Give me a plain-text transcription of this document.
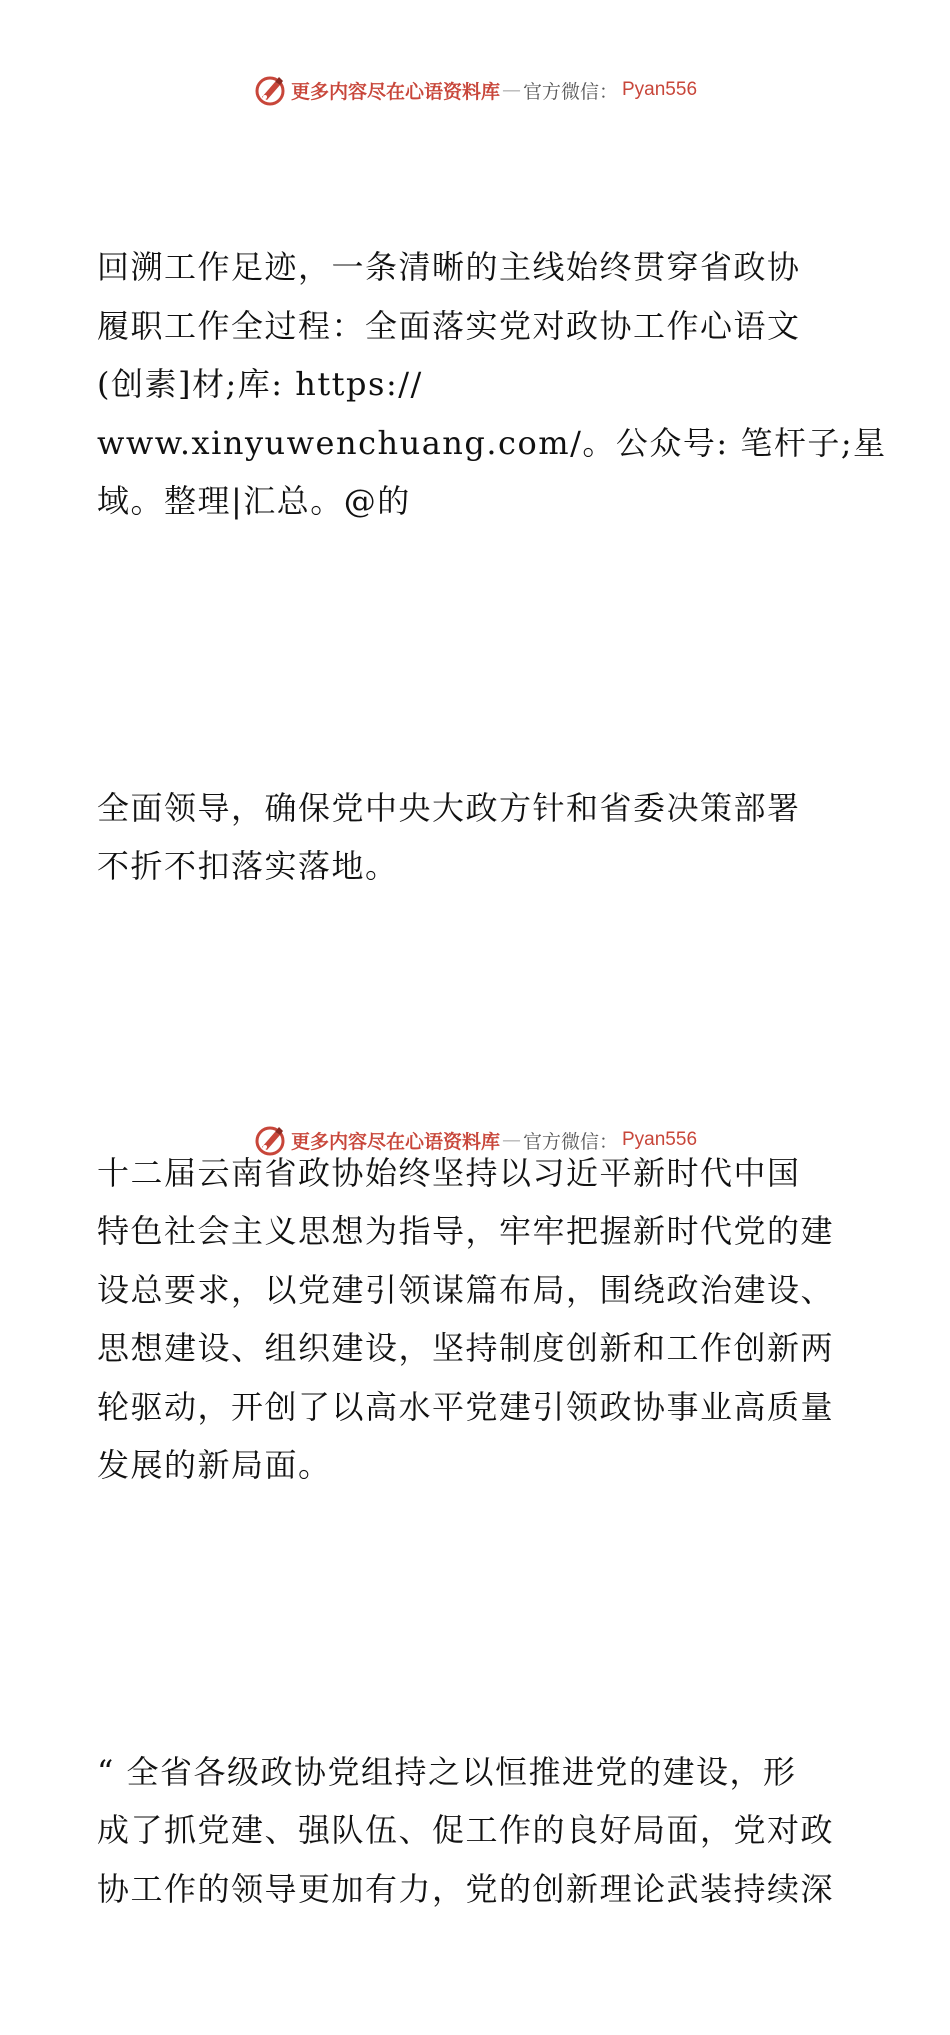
更多内容尽在心语资料库 — 官方微信： Pyan556

回溯工作足迹，一条清晰的主线始终贯穿省政协
履职工作全过程：全面落实党对政协工作心语文
(创素]材;库: https://
www.xinyuwenchuang.com/。公众号: 笔杆子;星
域。整理|汇总。@的

全面领导，确保党中央大政方针和省委决策部署
不折不扣落实落地。

十二届云南省政协始终坚持以习近平新时代中国
特色社会主义思想为指导，牢牢把握新时代党的建
设总要求，以党建引领谋篇布局，围绕政治建设、
思想建设、组织建设，坚持制度创新和工作创新两
轮驱动，开创了以高水平党建引领政协事业高质量
发展的新局面。

“ 全省各级政协党组持之以恒推进党的建设，形
成了抓党建、强队伍、促工作的良好局面，党对政
协工作的领导更加有力，党的创新理论武装持续深

更多内容尽在心语资料库 — 官方微信： Pyan556
